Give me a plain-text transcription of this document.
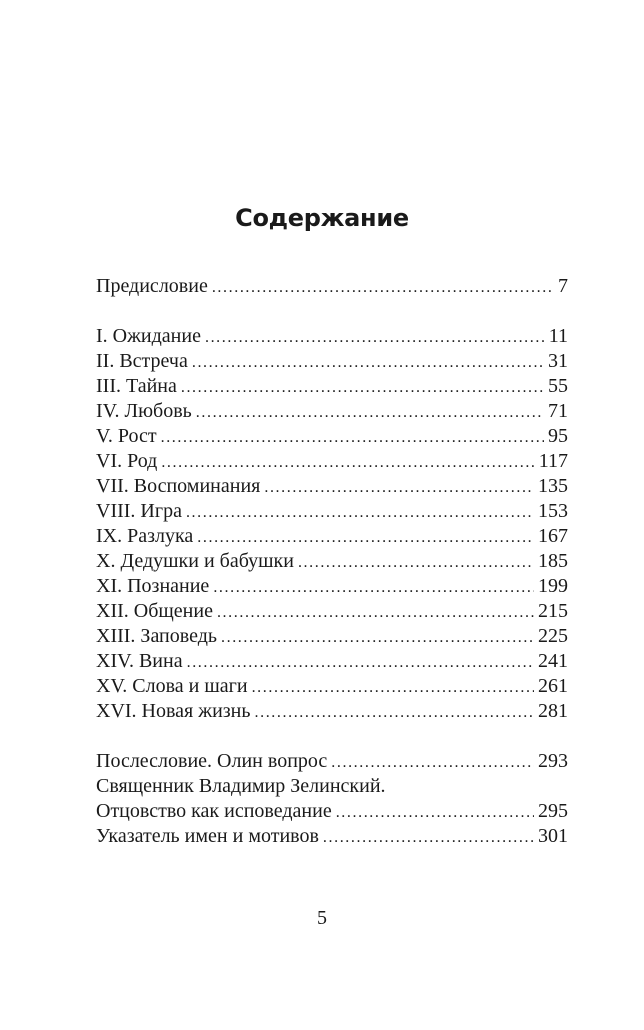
Содержание
Предисловие .....	7
I. Ожидание .....	11
II. Встреча .....	31
III. Тайна .....	55
IV. Любовь .....	71
V. Рост .....	95
VI. Род .....	117
VII. Воспоминания .....	135
VIII. Игра .....	153
IX. Разлука .....	167
X. Дедушки и бабушки .....	185
XI. Познание .....	199
XII. Общение .....	215
XIII. Заповедь .....	225
XIV. Вина .....	241
XV. Слова и шаги .....	261
XVI. Новая жизнь .....	281
Послесловие. Олин вопрос .....	293
Священник Владимир Зелинский.
Отцовство как исповедание .....	295
Указатель имен и мотивов .....	301
5
